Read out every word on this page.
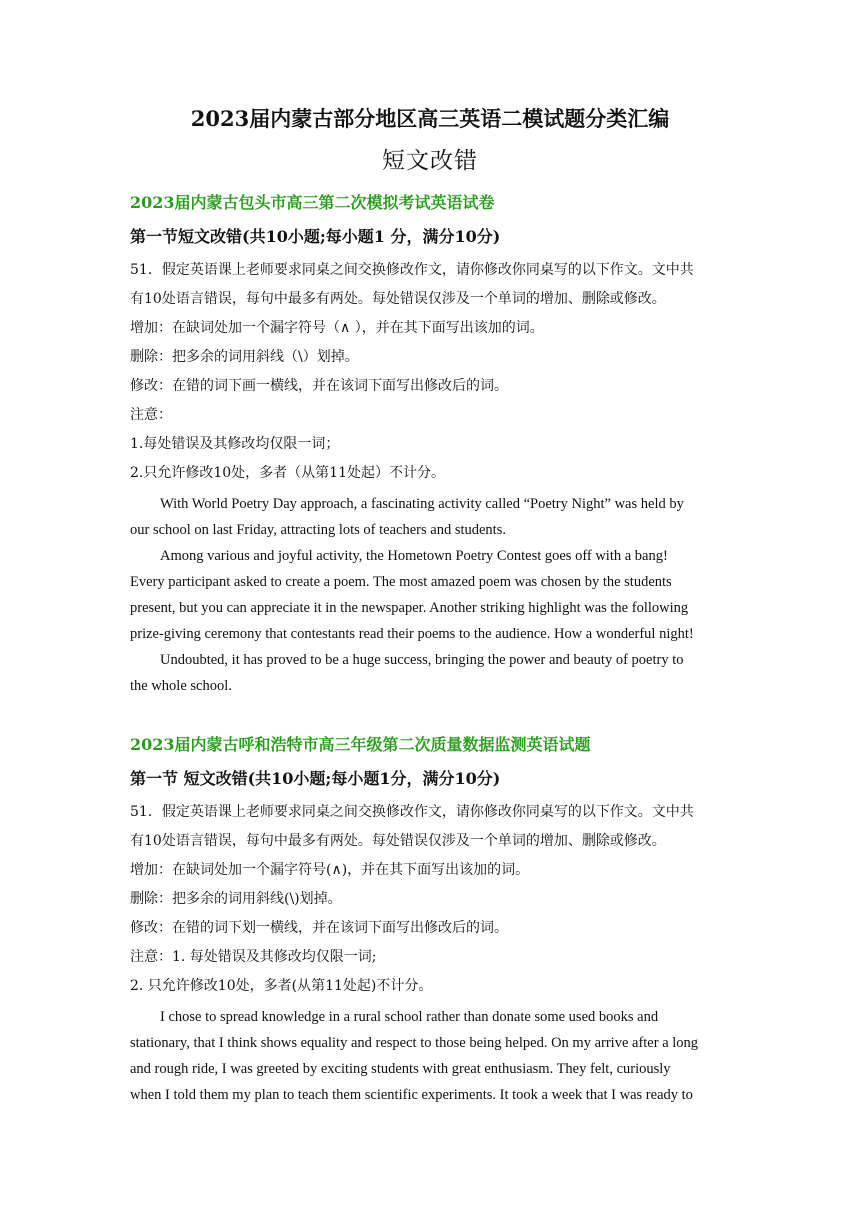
2023届内蒙古部分地区高三英语二模试题分类汇编
短文改错
2023届内蒙古包头市高三第二次模拟考试英语试卷
第一节短文改错(共10小题;每小题1 分，满分10分)
51．假定英语课上老师要求同桌之间交换修改作文，请你修改你同桌写的以下作文。文中共
有10处语言错误，每句中最多有两处。每处错误仅涉及一个单词的增加、删除或修改。
增加：在缺词处加一个漏字符号（∧ ），并在其下面写出该加的词。
删除：把多余的词用斜线（\）划掉。
修改：在错的词下画一横线，并在该词下面写出修改后的词。
注意：
1.每处错误及其修改均仅限一词；
2.只允许修改10处，多者（从第11处起）不计分。
With World Poetry Day approach, a fascinating activity called “Poetry Night” was held by
our school on last Friday, attracting lots of teachers and students.
Among various and joyful activity, the Hometown Poetry Contest goes off with a bang!
Every participant asked to create a poem. The most amazed poem was chosen by the students
present, but you can appreciate it in the newspaper. Another striking highlight was the following
prize-giving ceremony that contestants read their poems to the audience. How a wonderful night!
Undoubted, it has proved to be a huge success, bringing the power and beauty of poetry to
the whole school.
2023届内蒙古呼和浩特市高三年级第二次质量数据监测英语试题
第一节 短文改错(共10小题;每小题1分，满分10分)
51．假定英语课上老师要求同桌之间交换修改作文，请你修改你同桌写的以下作文。文中共
有10处语言错误，每句中最多有两处。每处错误仅涉及一个单词的增加、删除或修改。
增加：在缺词处加一个漏字符号(∧)，并在其下面写出该加的词。
删除：把多余的词用斜线(\)划掉。
修改：在错的词下划一横线，并在该词下面写出修改后的词。
注意：1. 每处错误及其修改均仅限一词;
2. 只允许修改10处，多者(从第11处起)不计分。
I chose to spread knowledge in a rural school rather than donate some used books and
stationary, that I think shows equality and respect to those being helped. On my arrive after a long
and rough ride, I was greeted by exciting students with great enthusiasm. They felt, curiously
when I told them my plan to teach them scientific experiments. It took a week that I was ready to
